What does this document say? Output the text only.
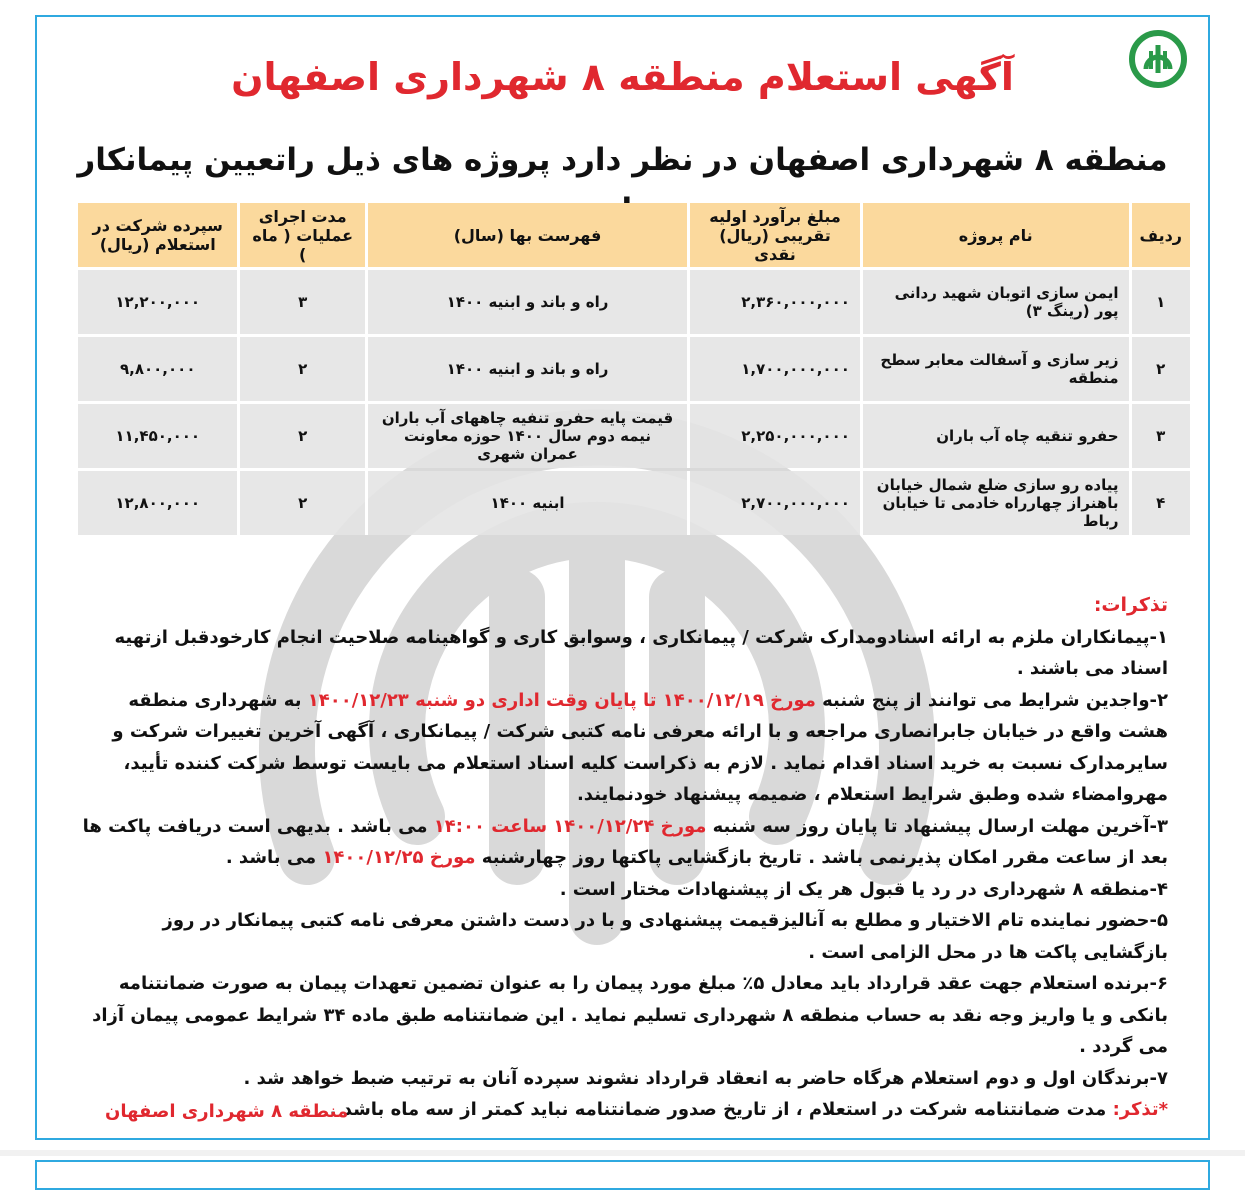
آگهی استعلام منطقه ۸ شهرداری اصفهان
منطقه ۸ شهرداری اصفهان در نظر دارد پروژه های ذیل راتعیین پیمانکار
ردیف	نام پروژه	مبلغ برآورد اولیه تقریبی (ریال) نقدی	فهرست بها (سال)	مدت اجرای عملیات ( ماه )	سپرده شرکت در استعلام (ریال)
۱	ایمن سازی اتوبان شهید ردانی پور (رینگ ۳)	۲,۳۶۰,۰۰۰,۰۰۰	راه و باند و ابنیه ۱۴۰۰	۳	۱۲,۲۰۰,۰۰۰
۲	زیر سازی و آسفالت معابر سطح منطقه	۱,۷۰۰,۰۰۰,۰۰۰	راه و باند و ابنیه ۱۴۰۰	۲	۹,۸۰۰,۰۰۰
۳	حفرو تنقیه چاه آب باران	۲,۲۵۰,۰۰۰,۰۰۰	قیمت پایه حفرو تنفیه چاههای آب باران نیمه دوم سال ۱۴۰۰ حوزه معاونت عمران شهری	۲	۱۱,۴۵۰,۰۰۰
۴	پیاده رو سازی ضلع شمال خیابان باهنراز چهارراه خادمی تا خیابان رباط	۲,۷۰۰,۰۰۰,۰۰۰	ابنیه ۱۴۰۰	۲	۱۲,۸۰۰,۰۰۰
تذکرات:

۱-پیمانکاران ملزم به ارائه اسنادومدارک شرکت / پیمانکاری ، وسوابق کاری و گواهینامه صلاحیت انجام کارخودقبل ازتهیه اسناد می باشند .

۲-واجدین شرایط می توانند از پنج شنبه مورخ ۱۴۰۰/۱۲/۱۹ تا پایان وقت اداری دو شنبه ۱۴۰۰/۱۲/۲۳ به شهرداری منطقه هشت واقع در خیابان جابرانصاری مراجعه و با ارائه معرفی نامه کتبی شرکت / پیمانکاری ، آگهی آخرین تغییرات شرکت و سایرمدارک نسبت به خرید اسناد اقدام نماید . لازم به ذکراست کلیه اسناد استعلام می بایست توسط شرکت کننده تأیید، مهروامضاء شده وطبق شرایط استعلام ، ضمیمه پیشنهاد خودنمایند.

۳-آخرین مهلت ارسال پیشنهاد تا پایان روز سه شنبه مورخ ۱۴۰۰/۱۲/۲۴ ساعت ۱۴:۰۰ می باشد . بدیهی است دریافت پاکت ها بعد از ساعت مقرر امکان پذیرنمی باشد . تاریخ بازگشایی پاکتها روز چهارشنبه مورخ ۱۴۰۰/۱۲/۲۵ می باشد .

۴-منطقه ۸ شهرداری در رد یا قبول هر یک از پیشنهادات مختار است .

۵-حضور نماینده تام الاختیار و مطلع به آنالیزقیمت پیشنهادی و با در دست داشتن معرفی نامه کتبی پیمانکار در روز بازگشایی پاکت ها در محل الزامی است .

۶-برنده استعلام جهت عقد قرارداد باید معادل ۵٪ مبلغ مورد پیمان را به عنوان تضمین تعهدات پیمان به صورت ضمانتنامه بانکی و یا واریز وجه نقد به حساب منطقه ۸ شهرداری تسلیم نماید . این ضمانتنامه طبق ماده ۳۴ شرایط عمومی پیمان آزاد می گردد .

۷-برندگان اول و دوم استعلام هرگاه حاضر به انعقاد قرارداد نشوند سپرده آنان به ترتیب ضبط خواهد شد .

*تذکر: مدت ضمانتنامه شرکت در استعلام ، از تاریخ صدور ضمانتنامه نباید کمتر از سه ماه باشد .

منطقه ۸ شهرداری اصفهان
